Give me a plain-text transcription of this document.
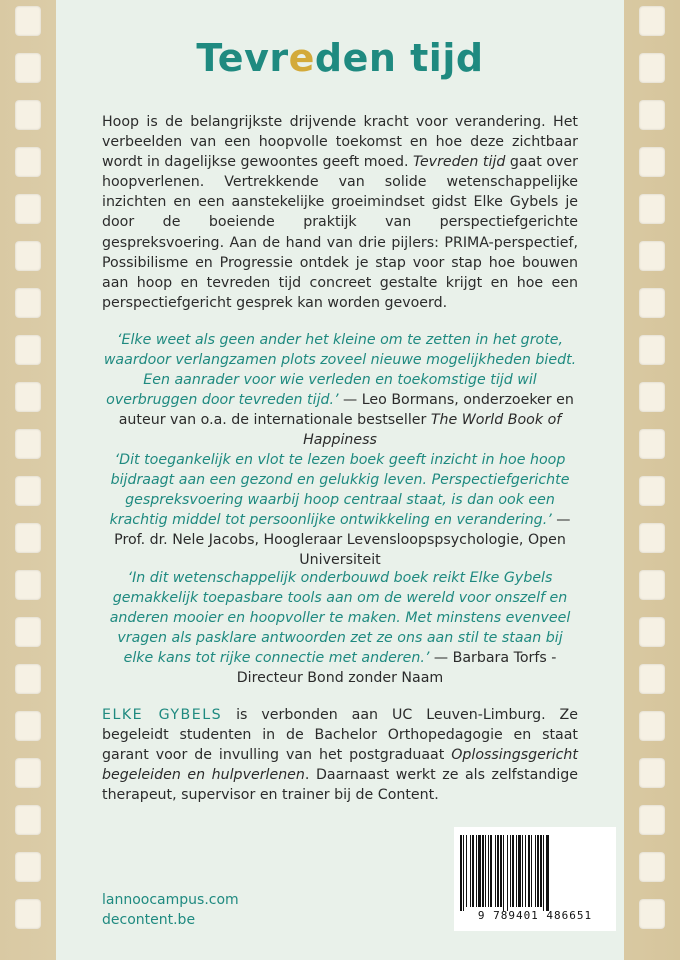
Tevreden tijd
Hoop is de belangrijkste drijvende kracht voor verandering. Het verbeelden van een hoopvolle toekomst en hoe deze zichtbaar wordt in dagelijkse gewoontes geeft moed. Tevreden tijd gaat over hoopverlenen. Vertrekkende van solide wetenschappelijke inzichten en een aanstekelijke groeimindset gidst Elke Gybels je door de boeiende praktijk van perspectiefgerichte gespreksvoering. Aan de hand van drie pijlers: PRIMA-perspectief, Possibilisme en Progressie ontdek je stap voor stap hoe bouwen aan hoop en tevreden tijd concreet gestalte krijgt en hoe een perspectiefgericht gesprek kan worden gevoerd.
‘Elke weet als geen ander het kleine om te zetten in het grote, waardoor verlangzamen plots zoveel nieuwe mogelijkheden biedt. Een aanrader voor wie verleden en toekomstige tijd wil overbruggen door tevreden tijd.’ — Leo Bormans, onderzoeker en auteur van o.a. de internationale bestseller The World Book of Happiness
‘Dit toegankelijk en vlot te lezen boek geeft inzicht in hoe hoop bijdraagt aan een gezond en gelukkig leven. Perspectiefgerichte gespreksvoering waarbij hoop centraal staat, is dan ook een krachtig middel tot persoonlijke ontwikkeling en verandering.’ — Prof. dr. Nele Jacobs, Hoogleraar Levensloopspsychologie, Open Universiteit
‘In dit wetenschappelijk onderbouwd boek reikt Elke Gybels gemakkelijk toepasbare tools aan om de wereld voor onszelf en anderen mooier en hoopvoller te maken. Met minstens evenveel vragen als pasklare antwoorden zet ze ons aan stil te staan bij elke kans tot rijke connectie met anderen.’ — Barbara Torfs - Directeur Bond zonder Naam
ELKE GYBELS is verbonden aan UC Leuven-Limburg. Ze begeleidt studenten in de Bachelor Orthopedagogie en staat garant voor de invulling van het postgraduaat Oplossingsgericht begeleiden en hulpverlenen. Daarnaast werkt ze als zelfstandige therapeut, supervisor en trainer bij de Content.
lannoocampus.com
decontent.be	9 789401 486651
